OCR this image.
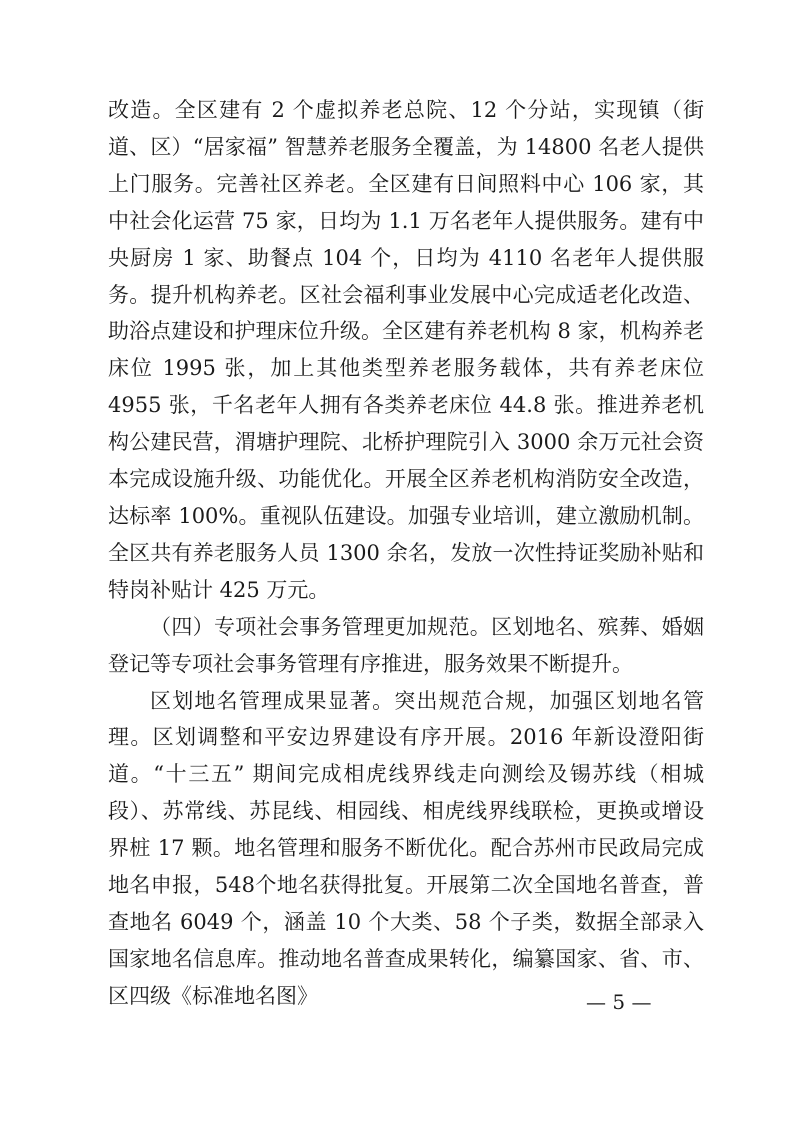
改造。全区建有 2 个虚拟养老总院、12 个分站，实现镇（街道、区）“居家福” 智慧养老服务全覆盖，为 14800 名老人提供上门服务。完善社区养老。全区建有日间照料中心 106 家，其中社会化运营 75 家，日均为 1.1 万名老年人提供服务。建有中央厨房 1 家、助餐点 104 个，日均为 4110 名老年人提供服务。提升机构养老。区社会福利事业发展中心完成适老化改造、助浴点建设和护理床位升级。全区建有养老机构 8 家，机构养老床位 1995 张，加上其他类型养老服务载体，共有养老床位 4955 张，千名老年人拥有各类养老床位 44.8 张。推进养老机构公建民营，渭塘护理院、北桥护理院引入 3000 余万元社会资本完成设施升级、功能优化。开展全区养老机构消防安全改造，达标率 100%。重视队伍建设。加强专业培训，建立激励机制。全区共有养老服务人员 1300 余名，发放一次性持证奖励补贴和特岗补贴计 425 万元。

（四）专项社会事务管理更加规范。区划地名、殡葬、婚姻登记等专项社会事务管理有序推进，服务效果不断提升。

区划地名管理成果显著。突出规范合规，加强区划地名管理。区划调整和平安边界建设有序开展。2016 年新设澄阳街道。“十三五” 期间完成相虎线界线走向测绘及锡苏线（相城段）、苏常线、苏昆线、相园线、相虎线界线联检，更换或增设界桩 17 颗。地名管理和服务不断优化。配合苏州市民政局完成地名申报，548个地名获得批复。开展第二次全国地名普查，普查地名 6049 个，涵盖 10 个大类、58 个子类，数据全部录入国家地名信息库。推动地名普查成果转化，编纂国家、省、市、区四级《标准地名图》	— 5 —
